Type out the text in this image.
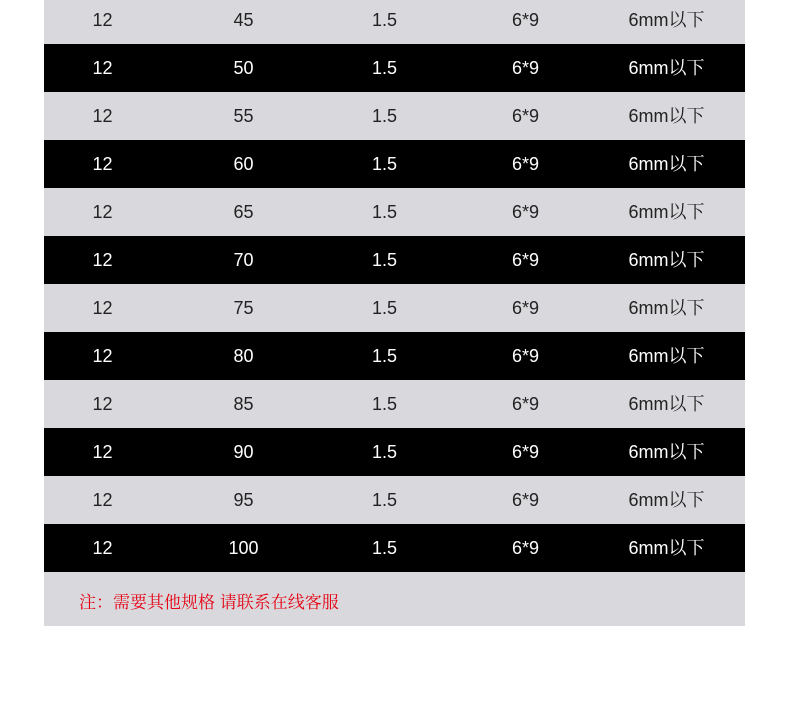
12	45	1.5	6*9	6mm以下
12	50	1.5	6*9	6mm以下
12	55	1.5	6*9	6mm以下
12	60	1.5	6*9	6mm以下
12	65	1.5	6*9	6mm以下
12	70	1.5	6*9	6mm以下
12	75	1.5	6*9	6mm以下
12	80	1.5	6*9	6mm以下
12	85	1.5	6*9	6mm以下
12	90	1.5	6*9	6mm以下
12	95	1.5	6*9	6mm以下
12	100	1.5	6*9	6mm以下
注：需要其他规格 请联系在线客服
